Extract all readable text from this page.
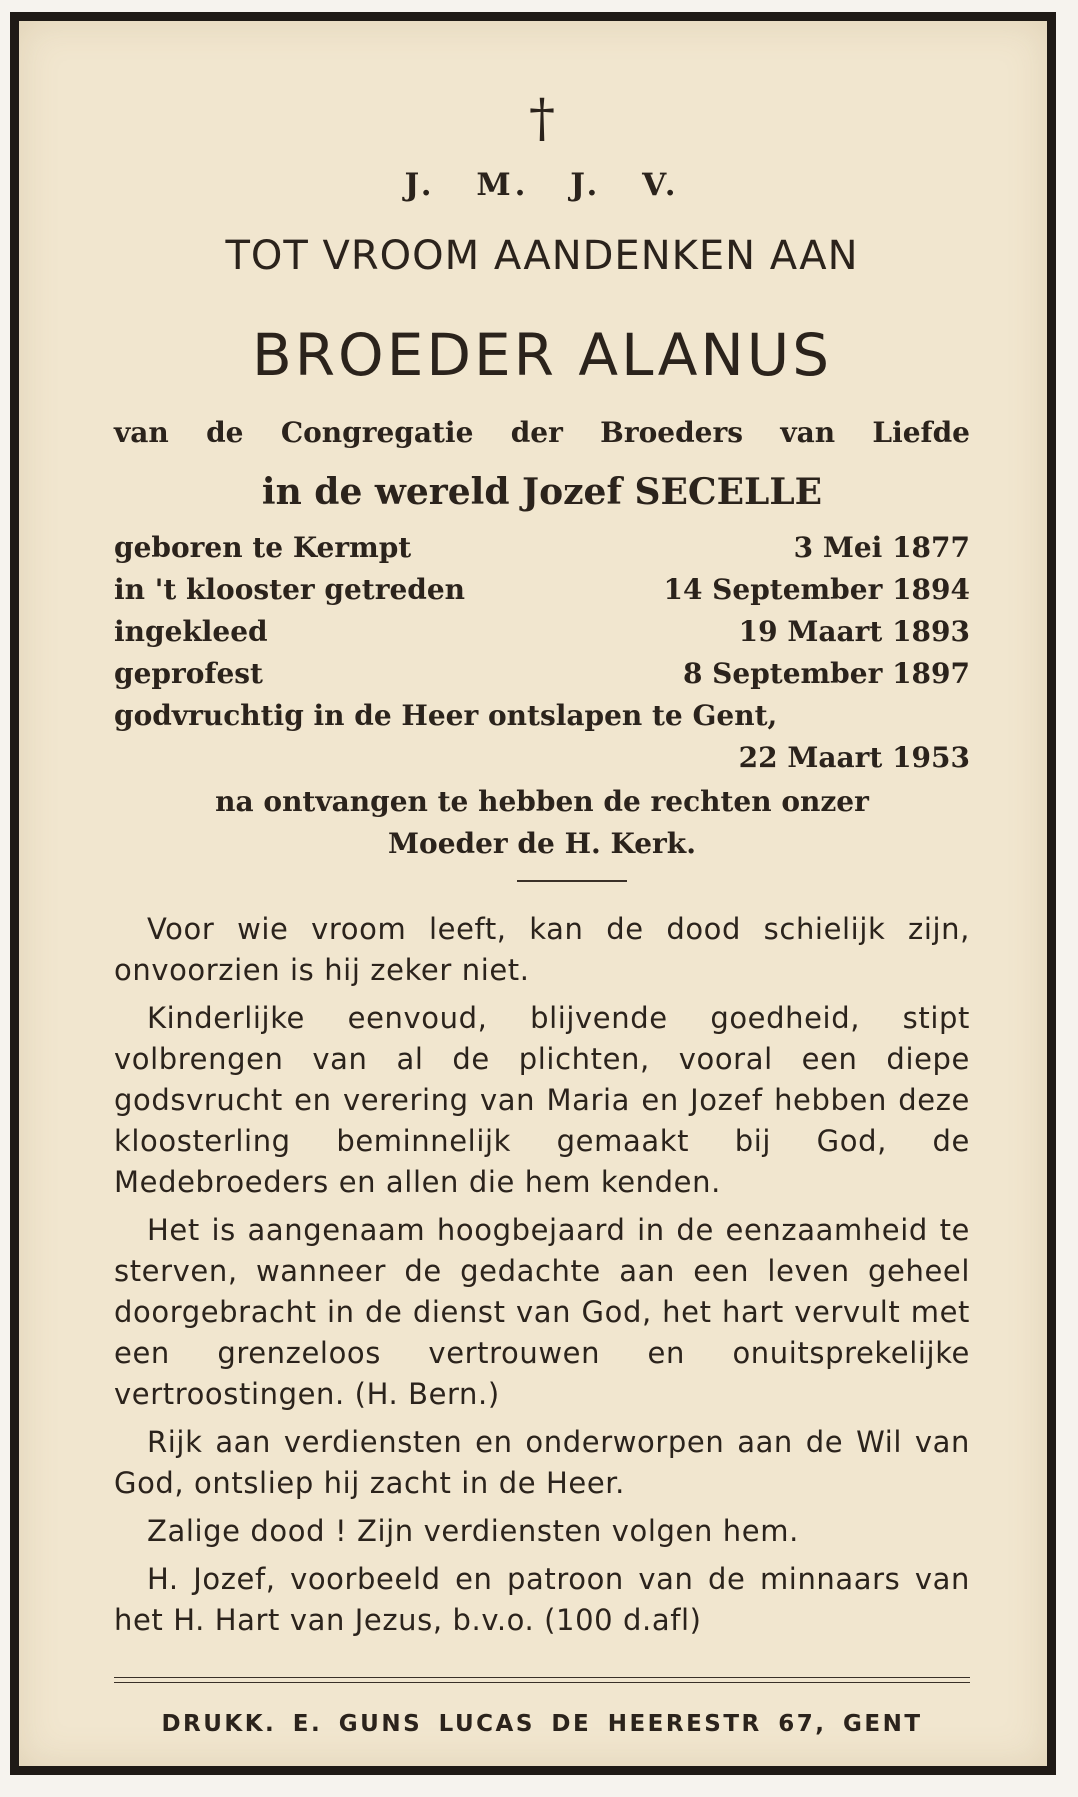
†
J. M. J. V.
TOT VROOM AANDENKEN AAN
BROEDER ALANUS
van de Congregatie der Broeders van Liefde
in de wereld Jozef SECELLE
geboren te Kermpt	3 Mei 1877
in 't klooster getreden	14 September 1894
ingekleed	19 Maart 1893
geprofest	8 September 1897
godvruchtig in de Heer ontslapen te Gent,
22 Maart 1953
na ontvangen te hebben de rechten onzer
Moeder de H. Kerk.

Voor wie vroom leeft, kan de dood schielijk zijn, onvoorzien is hij zeker niet.

Kinderlijke eenvoud, blijvende goedheid, stipt volbrengen van al de plichten, vooral een diepe godsvrucht en verering van Maria en Jozef hebben deze kloosterling beminnelijk gemaakt bij God, de Medebroeders en allen die hem kenden.

Het is aangenaam hoogbejaard in de eenzaamheid te sterven, wanneer de gedachte aan een leven geheel doorgebracht in de dienst van God, het hart vervult met een grenzeloos vertrouwen en onuitsprekelijke vertroostingen. (H. Bern.)

Rijk aan verdiensten en onderworpen aan de Wil van God, ontsliep hij zacht in de Heer.

Zalige dood ! Zijn verdiensten volgen hem.

H. Jozef, voorbeeld en patroon van de minnaars van het H. Hart van Jezus, b.v.o. (100 d.afl)

DRUKK. E. GUNS LUCAS DE HEERESTR 67, GENT
